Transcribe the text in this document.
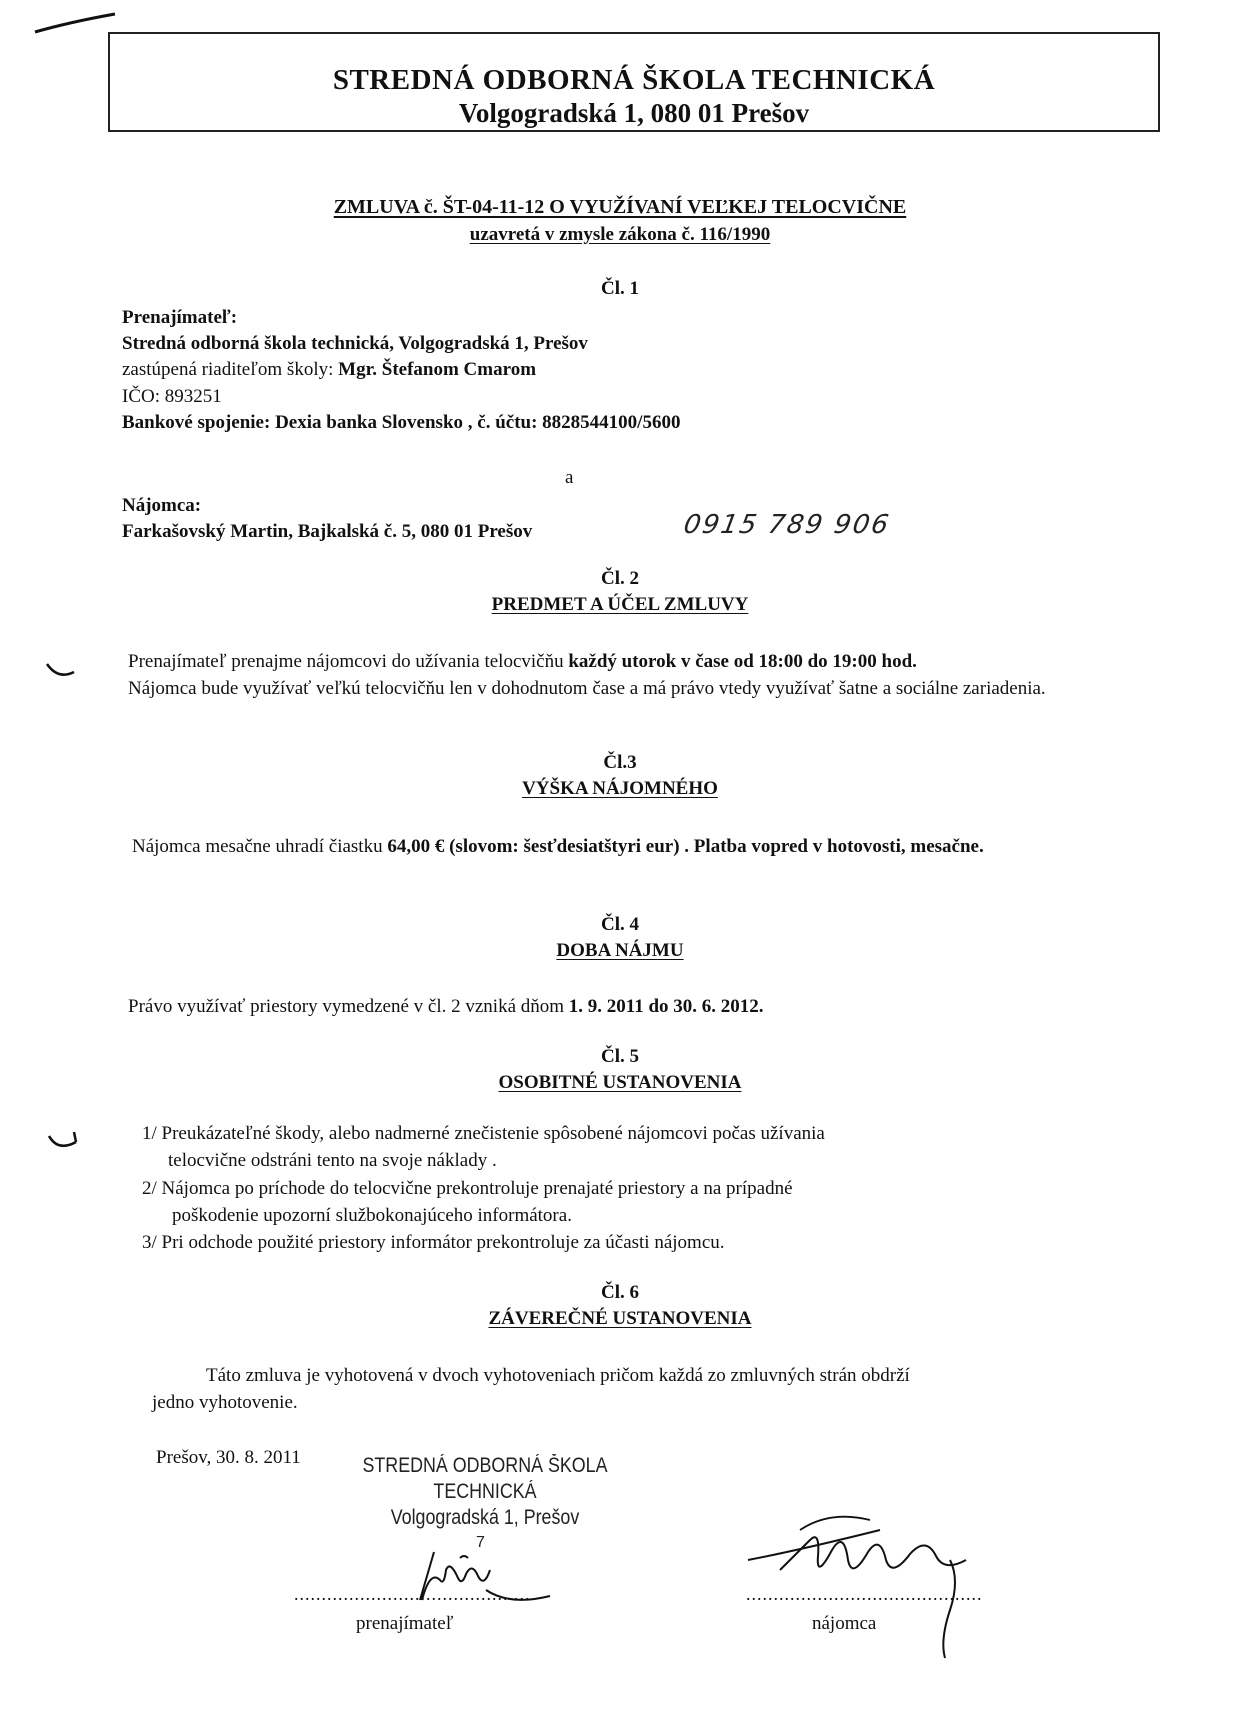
STREDNÁ ODBORNÁ ŠKOLA TECHNICKÁ
Volgogradská 1, 080 01 Prešov
ZMLUVA č. ŠT-04-11-12 O VYUŽÍVANÍ VEĽKEJ TELOCVIČNE
uzavretá v zmysle zákona č. 116/1990
Čl. 1
Prenajímateľ:
Stredná odborná škola technická, Volgogradská 1, Prešov
zastúpená riaditeľom školy: Mgr. Štefanom Cmarom
IČO: 893251
Bankové spojenie: Dexia banka Slovensko , č. účtu: 8828544100/5600
a
Nájomca:
Farkašovský Martin, Bajkalská č. 5, 080 01 Prešov	0915 789 906
Čl. 2
PREDMET A ÚČEL ZMLUVY
Prenajímateľ prenajme nájomcovi do užívania telocvičňu každý utorok v čase od 18:00 do 19:00 hod.
Nájomca bude využívať veľkú telocvičňu len v dohodnutom čase a má právo vtedy využívať šatne a sociálne zariadenia.
Čl.3
VÝŠKA NÁJOMNÉHO
Nájomca mesačne uhradí čiastku 64,00 € (slovom: šesťdesiatštyri eur) . Platba vopred v hotovosti, mesačne.
Čl. 4
DOBA NÁJMU
Právo využívať priestory vymedzené v čl. 2 vzniká dňom 1. 9. 2011 do 30. 6. 2012.
Čl. 5
OSOBITNÉ USTANOVENIA
1/ Preukázateľné škody, alebo nadmerné znečistenie spôsobené nájomcovi počas užívania
telocvične odstráni tento na svoje náklady .
2/ Nájomca po príchode do telocvične prekontroluje prenajaté priestory a na prípadné
poškodenie upozorní službokonajúceho informátora.
3/ Pri odchode použité priestory informátor prekontroluje za účasti nájomcu.
Čl. 6
ZÁVEREČNÉ USTANOVENIA
Táto zmluva je vyhotovená v dvoch vyhotoveniach pričom každá zo zmluvných strán obdrží
jedno vyhotovenie.
Prešov, 30. 8. 2011	STREDNÁ ODBORNÁ ŠKOLA
TECHNICKÁ
Volgogradská 1, Prešov
7
...........................................
prenajímateľ
...........................................
nájomca
